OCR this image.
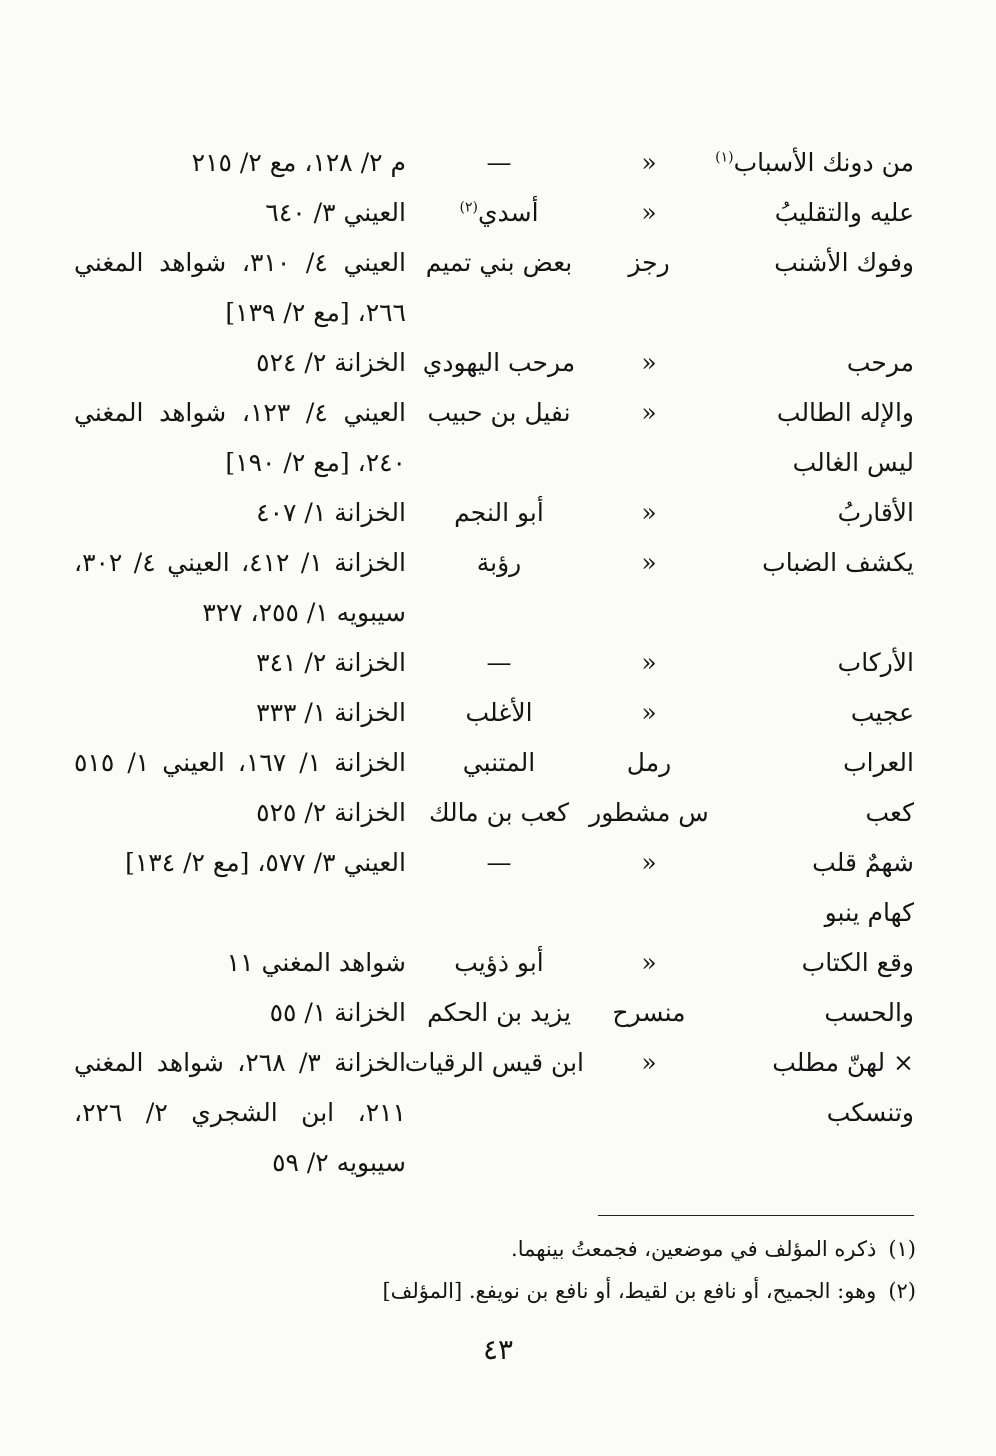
من دونك الأسباب$^{(١)}$
«
—
م ٢/ ١٢٨، مع ٢/ ٢١٥
عليه والتقليبُ
«
أسدي$^{(٢)}$
العيني ٣/ ٦٤٠
وفوك الأشنب
رجز
بعض بني تميم
العيني ٤/ ٣١٠، شواهد المغني
٢٦٦، [مع ٢/ ١٣٩]
مرحب
«
مرحب اليهودي
الخزانة ٢/ ٥٢٤
والإله الطالب
«
نفيل بن حبيب
العيني ٤/ ١٢٣، شواهد المغني
ليس الغالب
٢٤٠، [مع ٢/ ١٩٠]
الأقاربُ
«
أبو النجم
الخزانة ١/ ٤٠٧
يكشف الضباب
«
رؤبة
الخزانة ١/ ٤١٢، العيني ٤/ ٣٠٢،
سيبويه ١/ ٢٥٥، ٣٢٧
الأركاب
«
—
الخزانة ٢/ ٣٤١
عجيب
«
الأغلب
الخزانة ١/ ٣٣٣
العراب
رمل
المتنبي
الخزانة ١/ ١٦٧، العيني ١/ ٥١٥
كعب
س مشطور
كعب بن مالك
الخزانة ٢/ ٥٢٥
شهمٌ قلب
«
—
العيني ٣/ ٥٧٧، [مع ٢/ ١٣٤]
كهام ينبو
وقع الكتاب
«
أبو ذؤيب
شواهد المغني ١١
والحسب
منسرح
يزيد بن الحكم
الخزانة ١/ ٥٥
× لهنّ مطلب
«
ابن قيس الرقيات
الخزانة ٣/ ٢٦٨، شواهد المغني
وتنسكب
٢١١، ابن الشجري ٢/ ٢٢٦،
سيبويه ٢/ ٥٩
(١)ذكره المؤلف في موضعين، فجمعتُ بينهما.
(٢)وهو: الجميح، أو نافع بن لقيط، أو نافع بن نويفع. [المؤلف]
٤٣
